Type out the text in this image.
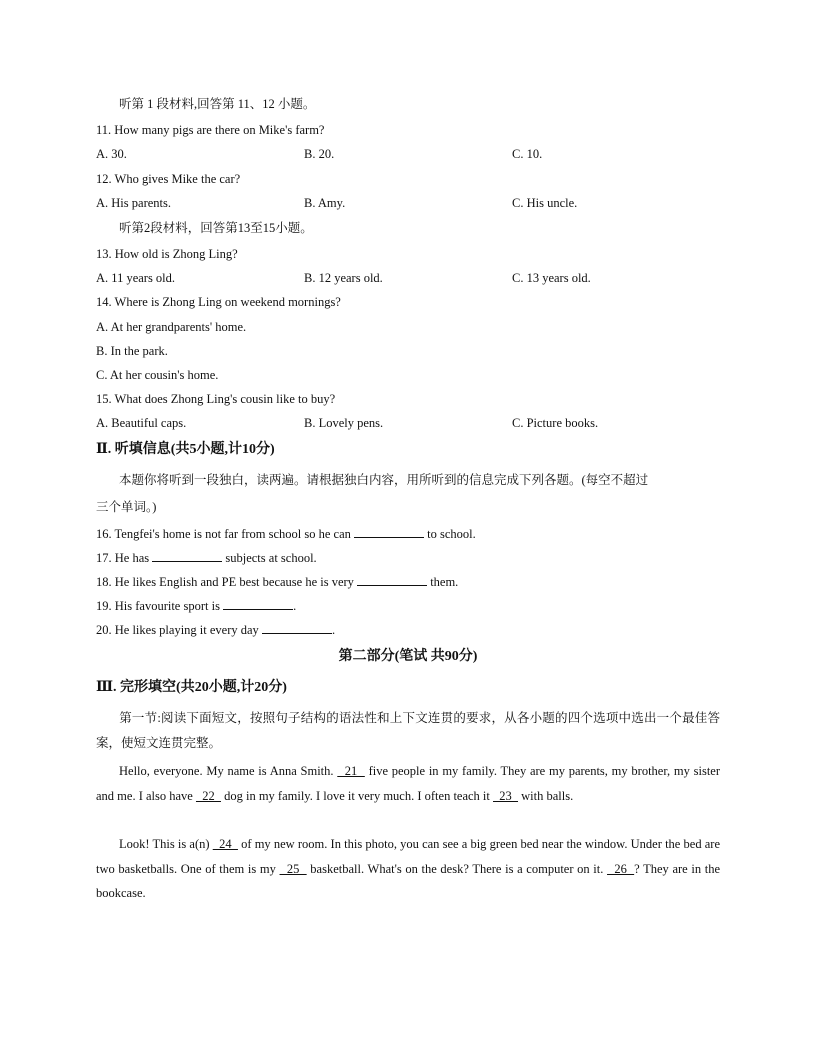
听第 1 段材料,回答第 11、12 小题。
11. How many pigs are there on Mike's farm?
A. 30.	B. 20.	C. 10.
12. Who gives Mike the car?
A. His parents.	B. Amy.	C. His uncle.
听第2段材料，回答第13至15小题。
13. How old is Zhong Ling?
A. 11 years old.	B. 12 years old.	C. 13 years old.
14. Where is Zhong Ling on weekend mornings?
A. At her grandparents' home.
B. In the park.
C. At her cousin's home.
15. What does Zhong Ling's cousin like to buy?
A. Beautiful caps.	B. Lovely pens.	C. Picture books.
Ⅱ. 听填信息(共5小题,计10分)
本题你将听到一段独白，读两遍。请根据独白内容，用所听到的信息完成下列各题。(每空不超过
三个单词。)
16. Tengfei's home is not far from school so he can	to school.
17. He has	subjects at school.
18. He likes English and PE best because he is very	them.
19. His favourite sport is	.
20. He likes playing it every day	.
第二部分(笔试 共90分)
Ⅲ. 完形填空(共20小题,计20分)
第一节:阅读下面短文，按照句子结构的语法性和上下文连贯的要求，从各小题的四个选项中选出一个最佳答案，使短文连贯完整。
Hello, everyone. My name is Anna Smith.   21   five people in my family. They are my parents, my brother, my sister and me. I also have   22   dog in my family. I love it very much. I often teach it   23   with balls.
Look! This is a(n)   24   of my new room. In this photo, you can see a big green bed near the window. Under the bed are two basketballs. One of them is my   25   basketball. What's on the desk? There is a computer on it.   26  ? They are in the bookcase.
